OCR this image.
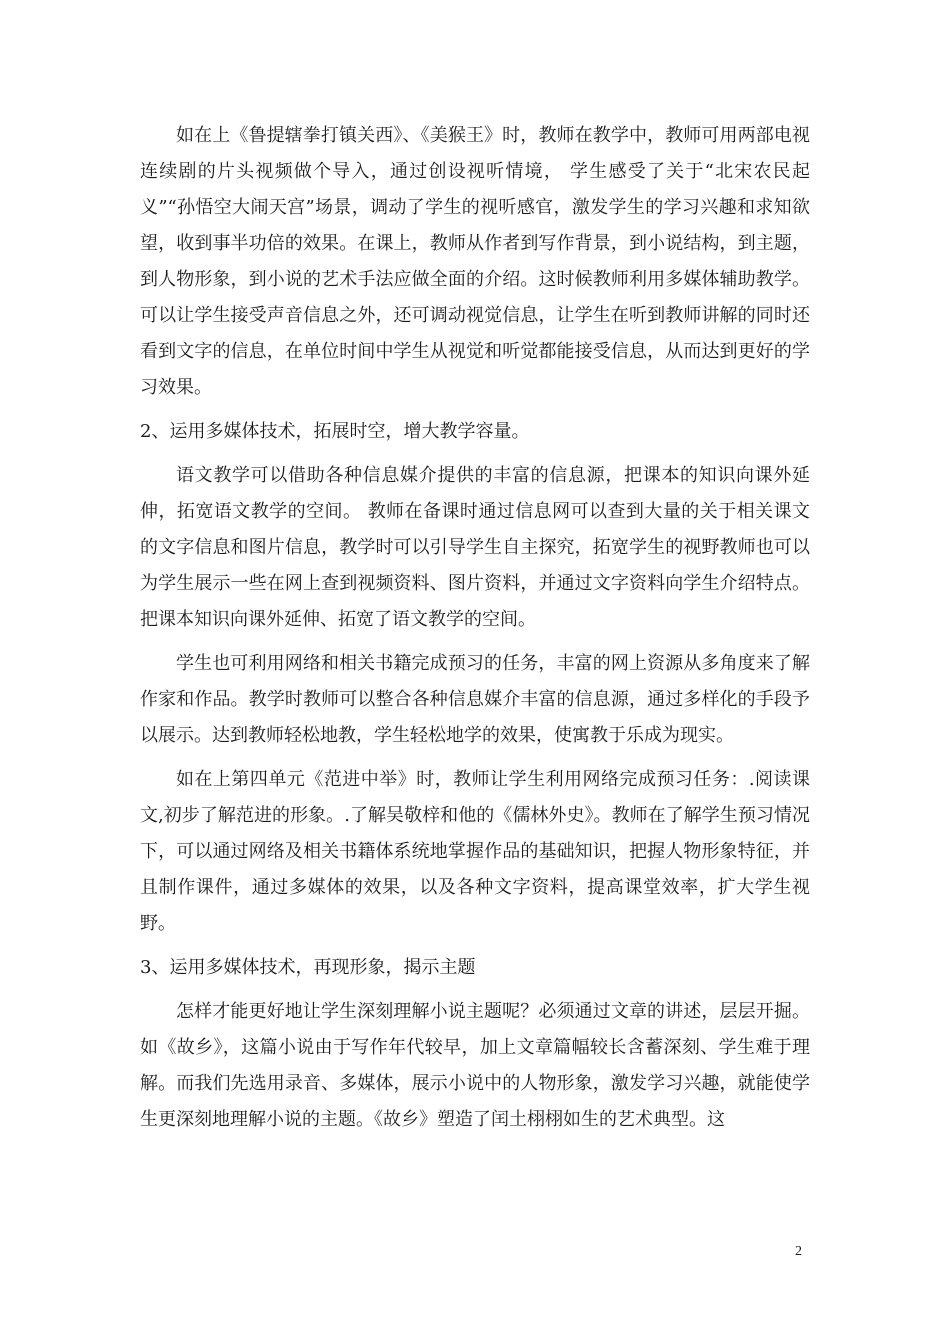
如在上《鲁提辖拳打镇关西》、《美猴王》时，教师在教学中，教师可用两部电视连续剧的片头视频做个导入，通过创设视听情境， 学生感受了关于“北宋农民起义”“孙悟空大闹天宫”场景，调动了学生的视听感官，激发学生的学习兴趣和求知欲望，收到事半功倍的效果。在课上，教师从作者到写作背景，到小说结构，到主题，到人物形象，到小说的艺术手法应做全面的介绍。这时候教师利用多媒体辅助教学。可以让学生接受声音信息之外，还可调动视觉信息，让学生在听到教师讲解的同时还看到文字的信息，在单位时间中学生从视觉和听觉都能接受信息，从而达到更好的学习效果。

2、运用多媒体技术，拓展时空，增大教学容量。

语文教学可以借助各种信息媒介提供的丰富的信息源，把课本的知识向课外延伸，拓宽语文教学的空间。 教师在备课时通过信息网可以查到大量的关于相关课文的文字信息和图片信息，教学时可以引导学生自主探究，拓宽学生的视野教师也可以为学生展示一些在网上查到视频资料、图片资料，并通过文字资料向学生介绍特点。把课本知识向课外延伸、拓宽了语文教学的空间。

学生也可利用网络和相关书籍完成预习的任务，丰富的网上资源从多角度来了解作家和作品。教学时教师可以整合各种信息媒介丰富的信息源，通过多样化的手段予以展示。达到教师轻松地教，学生轻松地学的效果，使寓教于乐成为现实。

如在上第四单元《范进中举》时，教师让学生利用网络完成预习任务：.阅读课文,初步了解范进的形象。.了解吴敬梓和他的《儒林外史》。教师在了解学生预习情况下，可以通过网络及相关书籍体系统地掌握作品的基础知识，把握人物形象特征，并且制作课件，通过多媒体的效果，以及各种文字资料，提高课堂效率，扩大学生视野。

3、运用多媒体技术，再现形象，揭示主题

怎样才能更好地让学生深刻理解小说主题呢？必须通过文章的讲述，层层开掘。如《故乡》，这篇小说由于写作年代较早，加上文章篇幅较长含蓄深刻、学生难于理解。而我们先选用录音、多媒体，展示小说中的人物形象，激发学习兴趣，就能使学生更深刻地理解小说的主题。《故乡》塑造了闰土栩栩如生的艺术典型。这

2
